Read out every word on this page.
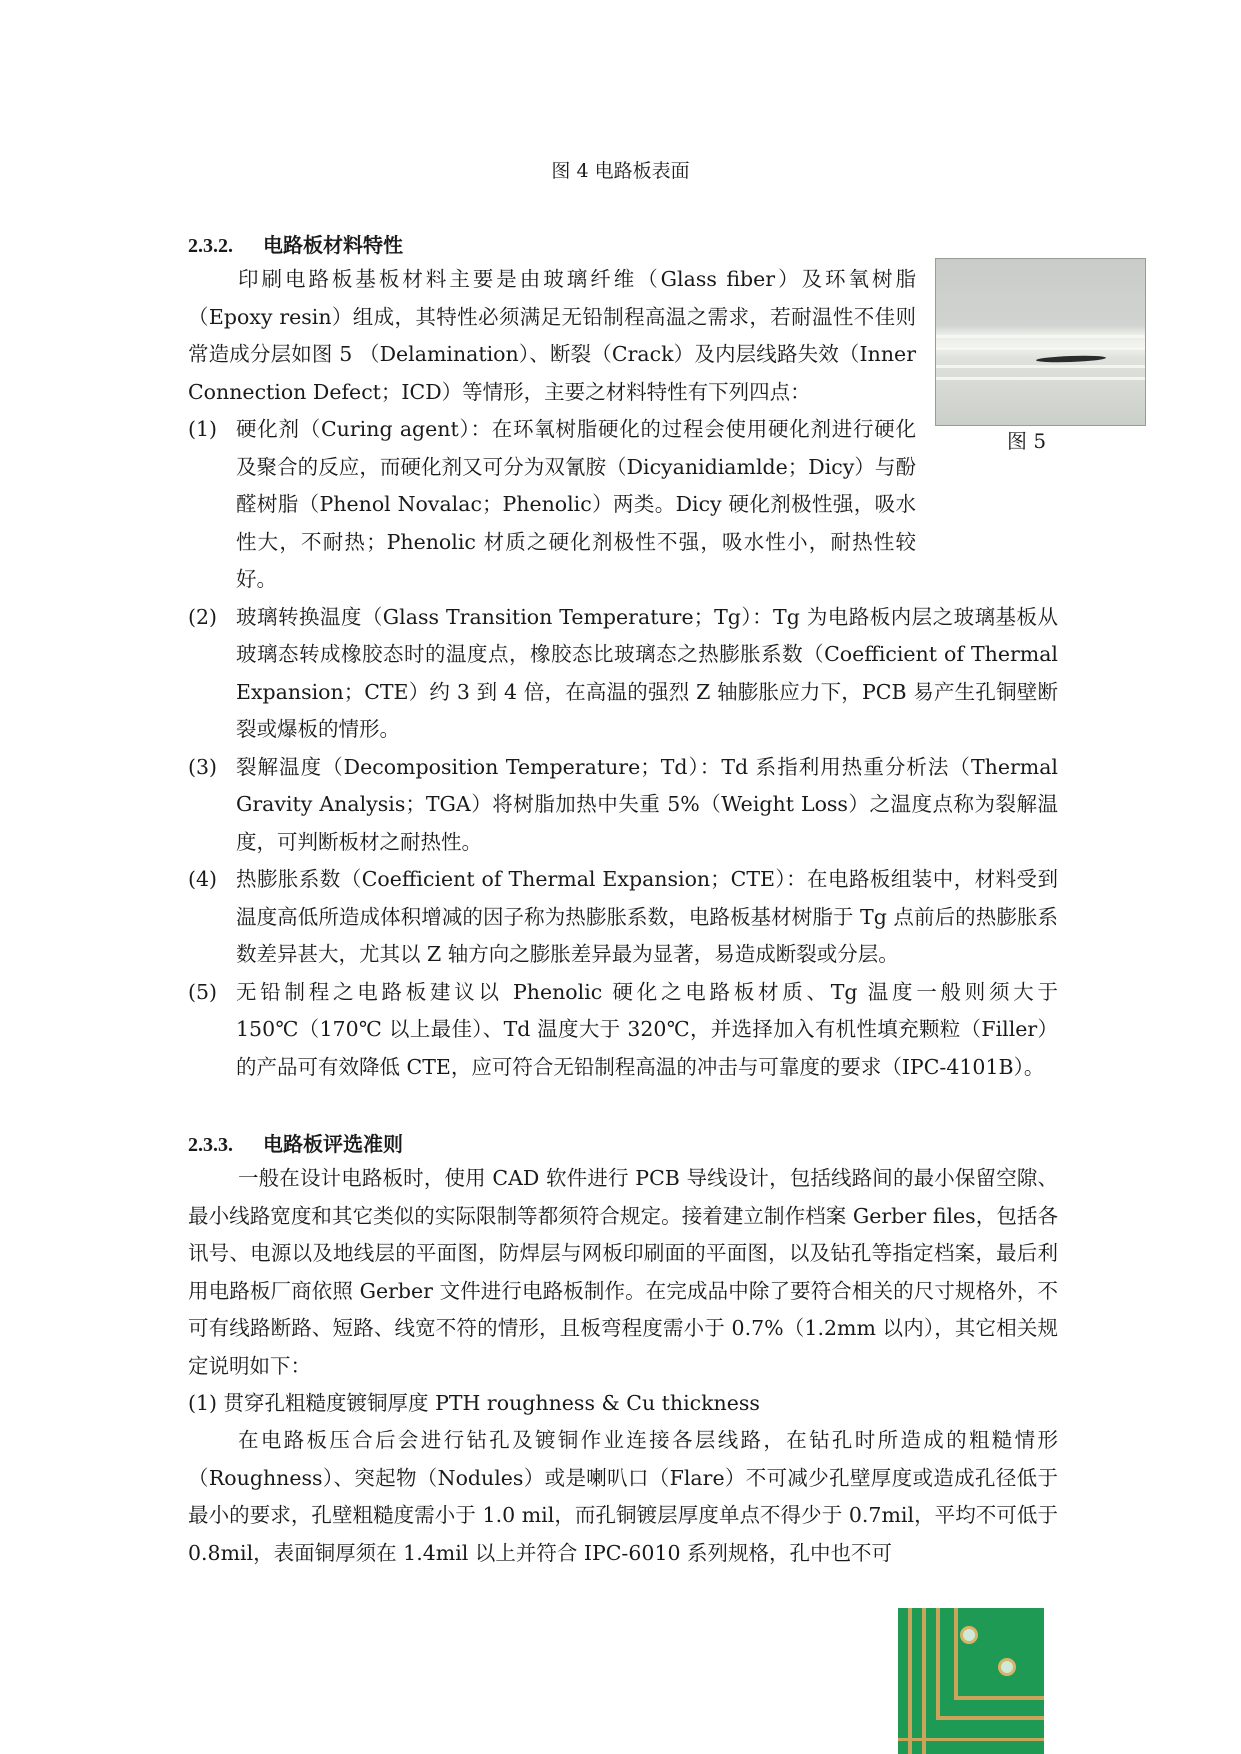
图 4 电路板表面
2.3.2. 电路板材料特性
印刷电路板基板材料主要是由玻璃纤维（Glass fiber）及环氧树脂（Epoxy resin）组成，其特性必须满足无铅制程高温之需求，若耐温性不佳则常造成分层如图 5 （Delamination）、断裂（Crack）及内层线路失效（Inner Connection Defect；ICD）等情形，主要之材料特性有下列四点：
图 5
(1) 硬化剂（Curing agent）：在环氧树脂硬化的过程会使用硬化剂进行硬化及聚合的反应，而硬化剂又可分为双氰胺（Dicyanidiamlde；Dicy）与酚醛树脂（Phenol Novalac；Phenolic）两类。Dicy 硬化剂极性强，吸水性大，不耐热；Phenolic 材质之硬化剂极性不强，吸水性小，耐热性较好。
(2) 玻璃转换温度（Glass Transition Temperature；Tg）：Tg 为电路板内层之玻璃基板从玻璃态转成橡胶态时的温度点，橡胶态比玻璃态之热膨胀系数（Coefficient of Thermal Expansion；CTE）约 3 到 4 倍，在高温的强烈 Z 轴膨胀应力下，PCB 易产生孔铜壁断裂或爆板的情形。
(3) 裂解温度（Decomposition Temperature；Td）：Td 系指利用热重分析法（Thermal Gravity Analysis；TGA）将树脂加热中失重 5%（Weight Loss）之温度点称为裂解温度，可判断板材之耐热性。
(4) 热膨胀系数（Coefficient of Thermal Expansion；CTE）：在电路板组装中，材料受到温度高低所造成体积增减的因子称为热膨胀系数，电路板基材树脂于 Tg 点前后的热膨胀系数差异甚大，尤其以 Z 轴方向之膨胀差异最为显著，易造成断裂或分层。
(5) 无铅制程之电路板建议以 Phenolic 硬化之电路板材质、Tg 温度一般则须大于 150℃（170℃ 以上最佳）、Td 温度大于 320℃，并选择加入有机性填充颗粒（Filler）的产品可有效降低 CTE，应可符合无铅制程高温的冲击与可靠度的要求（IPC-4101B）。
2.3.3. 电路板评选准则
一般在设计电路板时，使用 CAD 软件进行 PCB 导线设计，包括线路间的最小保留空隙、最小线路宽度和其它类似的实际限制等都须符合规定。接着建立制作档案 Gerber files，包括各讯号、电源以及地线层的平面图，防焊层与网板印刷面的平面图，以及钻孔等指定档案，最后利用电路板厂商依照 Gerber 文件进行电路板制作。在完成品中除了要符合相关的尺寸规格外，不可有线路断路、短路、线宽不符的情形，且板弯程度需小于 0.7%（1.2mm 以内），其它相关规定说明如下：
(1) 贯穿孔粗糙度镀铜厚度 PTH roughness & Cu thickness
在电路板压合后会进行钻孔及镀铜作业连接各层线路，在钻孔时所造成的粗糙情形（Roughness）、突起物（Nodules）或是喇叭口（Flare）不可减少孔壁厚度或造成孔径低于最小的要求，孔壁粗糙度需小于 1.0 mil，而孔铜镀层厚度单点不得少于 0.7mil，平均不可低于 0.8mil，表面铜厚须在 1.4mil 以上并符合 IPC-6010 系列规格，孔中也不可
